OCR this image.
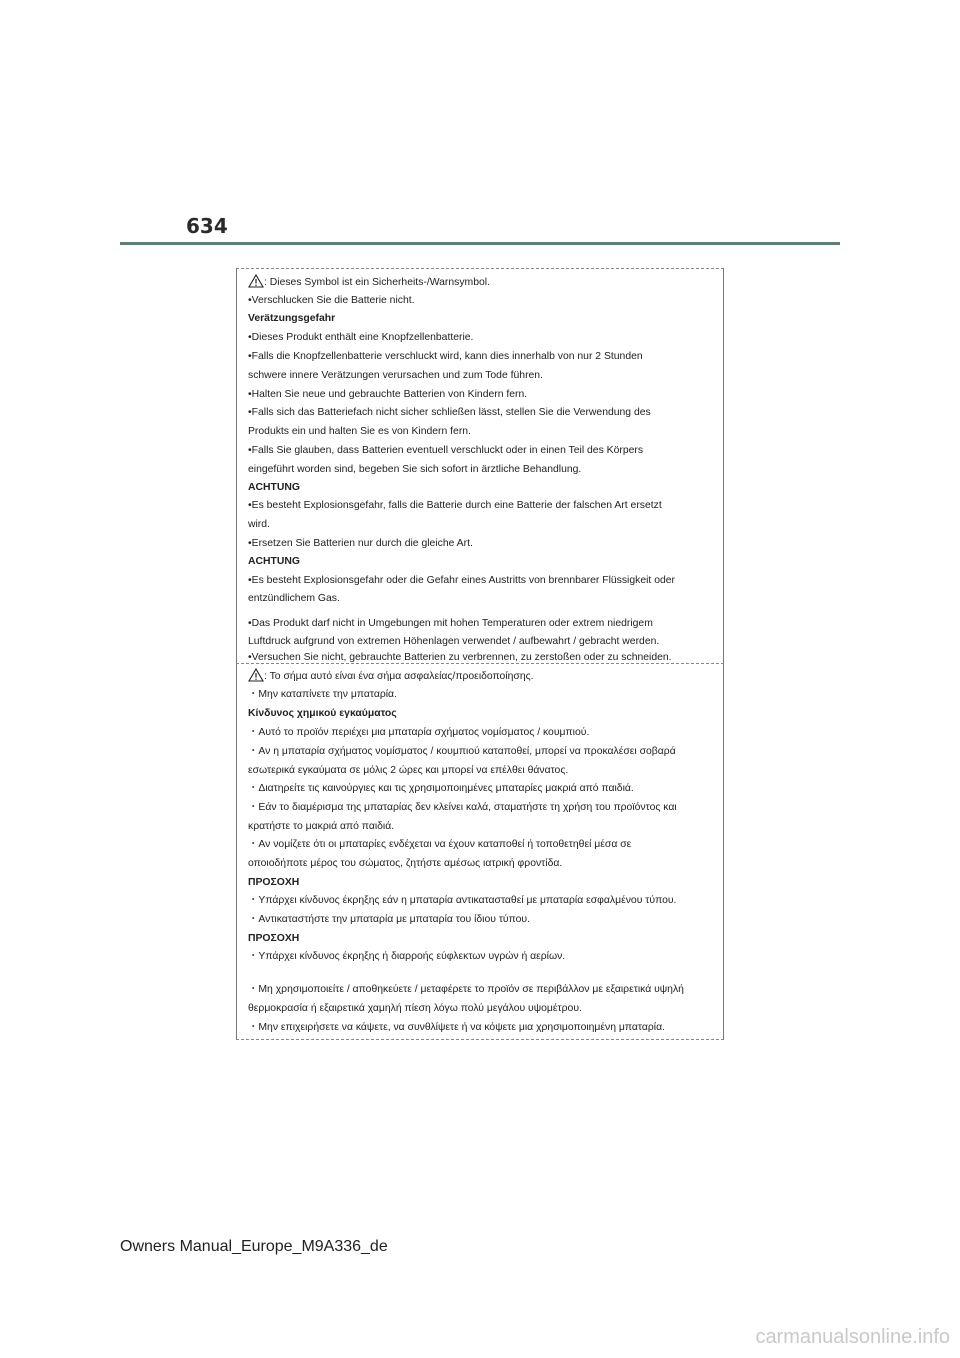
634
: Dieses Symbol ist ein Sicherheits-/Warnsymbol.
•Verschlucken Sie die Batterie nicht.
Verätzungsgefahr
•Dieses Produkt enthält eine Knopfzellenbatterie.
•Falls die Knopfzellenbatterie verschluckt wird, kann dies innerhalb von nur 2 Stunden
schwere innere Verätzungen verursachen und zum Tode führen.
•Halten Sie neue und gebrauchte Batterien von Kindern fern.
•Falls sich das Batteriefach nicht sicher schließen lässt, stellen Sie die Verwendung des
Produkts ein und halten Sie es von Kindern fern.
•Falls Sie glauben, dass Batterien eventuell verschluckt oder in einen Teil des Körpers
eingeführt worden sind, begeben Sie sich sofort in ärztliche Behandlung.
ACHTUNG
•Es besteht Explosionsgefahr, falls die Batterie durch eine Batterie der falschen Art ersetzt
wird.
•Ersetzen Sie Batterien nur durch die gleiche Art.
ACHTUNG
•Es besteht Explosionsgefahr oder die Gefahr eines Austritts von brennbarer Flüssigkeit oder
entzündlichem Gas.
•Das Produkt darf nicht in Umgebungen mit hohen Temperaturen oder extrem niedrigem
Luftdruck aufgrund von extremen Höhenlagen verwendet / aufbewahrt / gebracht werden.
•Versuchen Sie nicht, gebrauchte Batterien zu verbrennen, zu zerstoßen oder zu schneiden.
: Το σήμα αυτό είναι ένα σήμα ασφαλείας/προειδοποίησης.
・Μην καταπίνετε την μπαταρία.
Κίνδυνος χημικού εγκαύματος
・Αυτό το προϊόν περιέχει μια μπαταρία σχήματος νομίσματος / κουμπιού.
・Αν η μπαταρία σχήματος νομίσματος / κουμπιού καταποθεί, μπορεί να προκαλέσει σοβαρά
εσωτερικά εγκαύματα σε μόλις 2 ώρες και μπορεί να επέλθει θάνατος.
・Διατηρείτε τις καινούργιες και τις χρησιμοποιημένες μπαταρίες μακριά από παιδιά.
・Εάν το διαμέρισμα της μπαταρίας δεν κλείνει καλά, σταματήστε τη χρήση του προϊόντος και
κρατήστε το μακριά από παιδιά.
・Αν νομίζετε ότι οι μπαταρίες ενδέχεται να έχουν καταποθεί ή τοποθετηθεί μέσα σε
οποιοδήποτε μέρος του σώματος, ζητήστε αμέσως ιατρική φροντίδα.
ΠΡΟΣΟΧΗ
・Υπάρχει κίνδυνος έκρηξης εάν η μπαταρία αντικατασταθεί με μπαταρία εσφαλμένου τύπου.
・Αντικαταστήστε την μπαταρία με μπαταρία του ίδιου τύπου.
ΠΡΟΣΟΧΗ
・Υπάρχει κίνδυνος έκρηξης ή διαρροής εύφλεκτων υγρών ή αερίων.
・Μη χρησιμοποιείτε / αποθηκεύετε / μεταφέρετε το προϊόν σε περιβάλλον με εξαιρετικά υψηλή
θερμοκρασία ή εξαιρετικά χαμηλή πίεση λόγω πολύ μεγάλου υψομέτρου.
・Μην επιχειρήσετε να κάψετε, να συνθλίψετε ή να κόψετε μια χρησιμοποιημένη μπαταρία.
Owners Manual_Europe_M9A336_de
carmanualsonline.info
